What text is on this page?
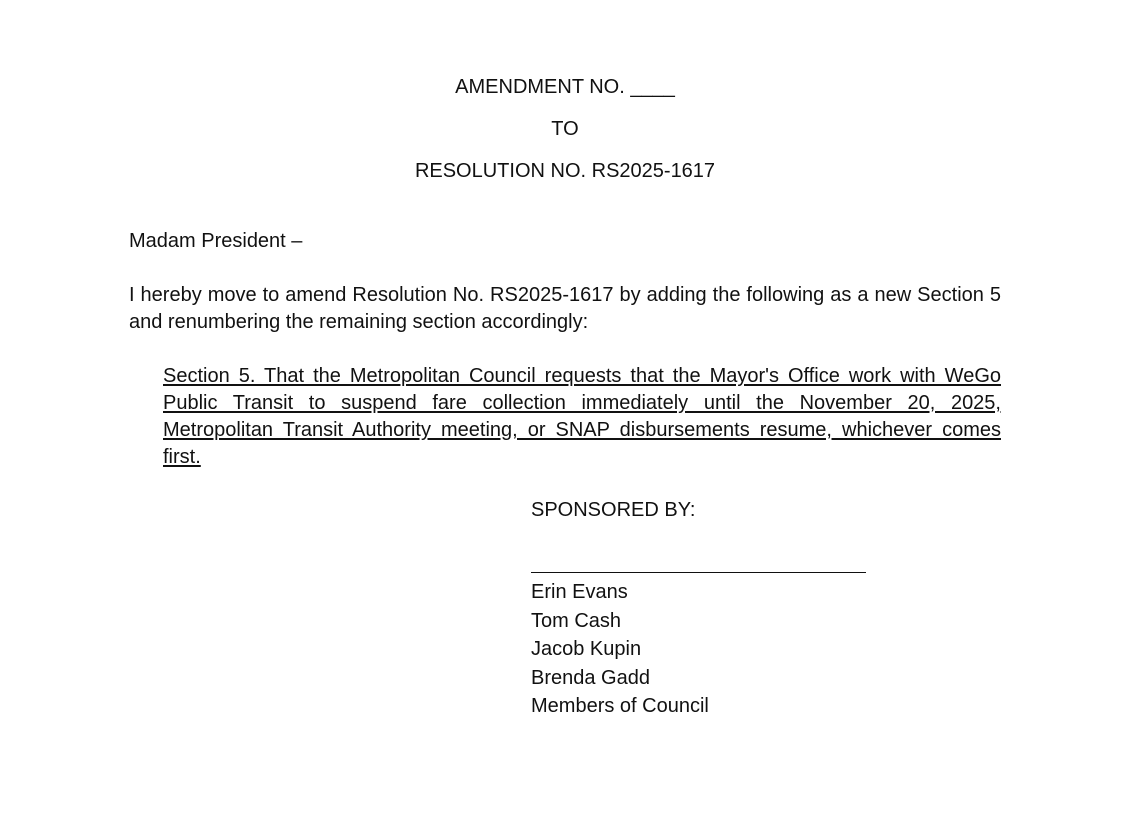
AMENDMENT NO. ____
TO
RESOLUTION NO. RS2025-1617
Madam President –
I hereby move to amend Resolution No. RS2025-1617 by adding the following as a new Section 5 and renumbering the remaining section accordingly:
Section 5. That the Metropolitan Council requests that the Mayor's Office work with WeGo Public Transit to suspend fare collection immediately until the November 20, 2025, Metropolitan Transit Authority meeting, or SNAP disbursements resume, whichever comes first.
SPONSORED BY:
Erin Evans
Tom Cash
Jacob Kupin
Brenda Gadd
Members of Council
